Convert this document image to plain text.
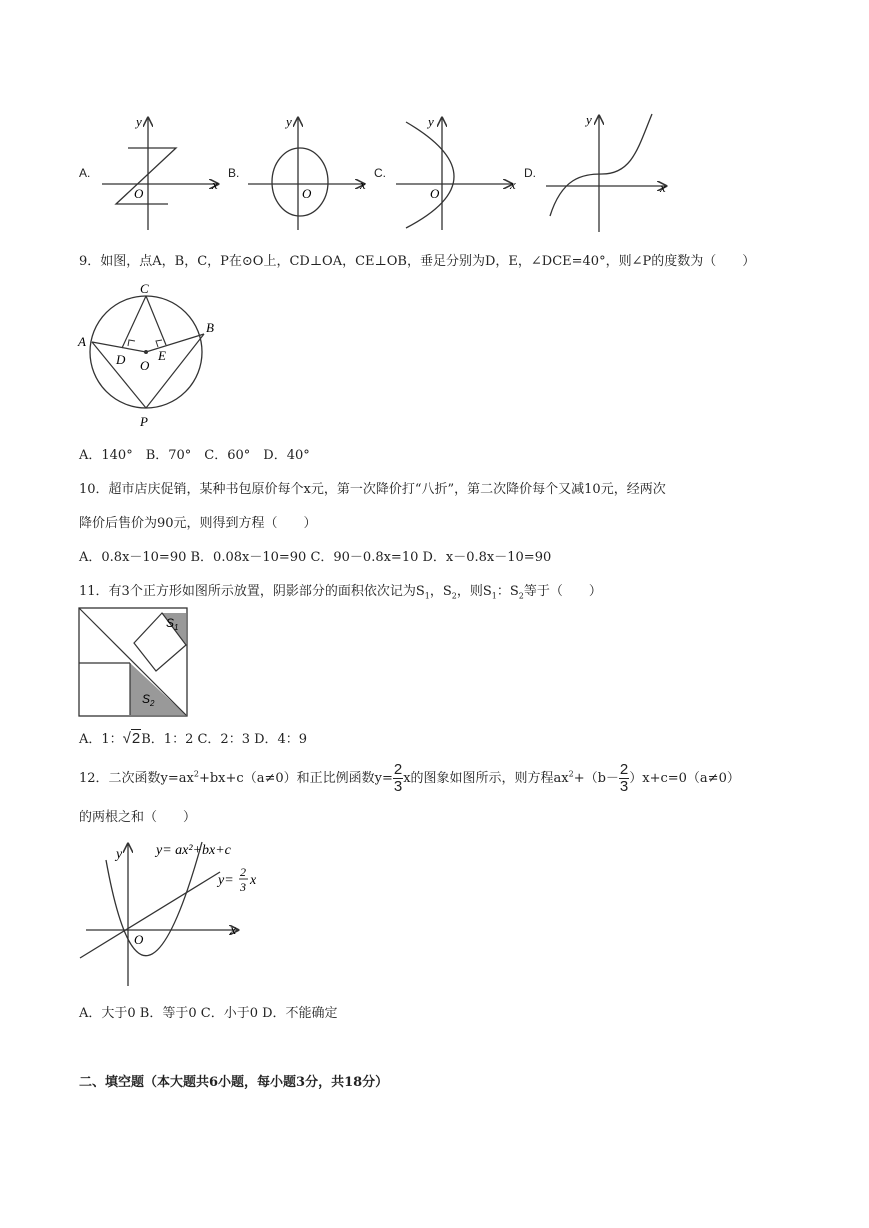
A.
y
x
O
B.
y
x
O
C.
y
x
O
D.
y
x
9．如图，点A，B，C，P在⊙O上，CD⊥OA，CE⊥OB，垂足分别为D，E，∠DCE=40°，则∠P的度数为（　　）
C
A
B
D	E
O
P
A．140°　B．70°　C．60°　D．40°
10．超市店庆促销，某种书包原价每个x元，第一次降价打“八折”，第二次降价每个又减10元，经两次
降价后售价为90元，则得到方程（　　）
A．0.8x－10=90 B．0.08x－10=90 C．90－0.8x=10 D．x－0.8x－10=90
11．有3个正方形如图所示放置，阴影部分的面积依次记为$S_1$，$S_2$，则$S_1$：$S_2$等于（　　）
$S_1$
$S_2$
A．1：√2B．1：2 C．2：3 D．4：9
12．二次函数$y=ax^2+bx+c(a\ne 0)$和正比例函数$y= \frac{2}{3}$ x的图象如图所示，则方程$ax^2+(b- \frac{2}{3} )x+c=0(a\ne 0)$
的两根之和（　　）
y
x
O
y= ax²+bx+c
y=
2
3 x
A．大于0 B．等于0 C．小于0 D．不能确定
二、填空题（本大题共6小题，每小题3分，共18分）
